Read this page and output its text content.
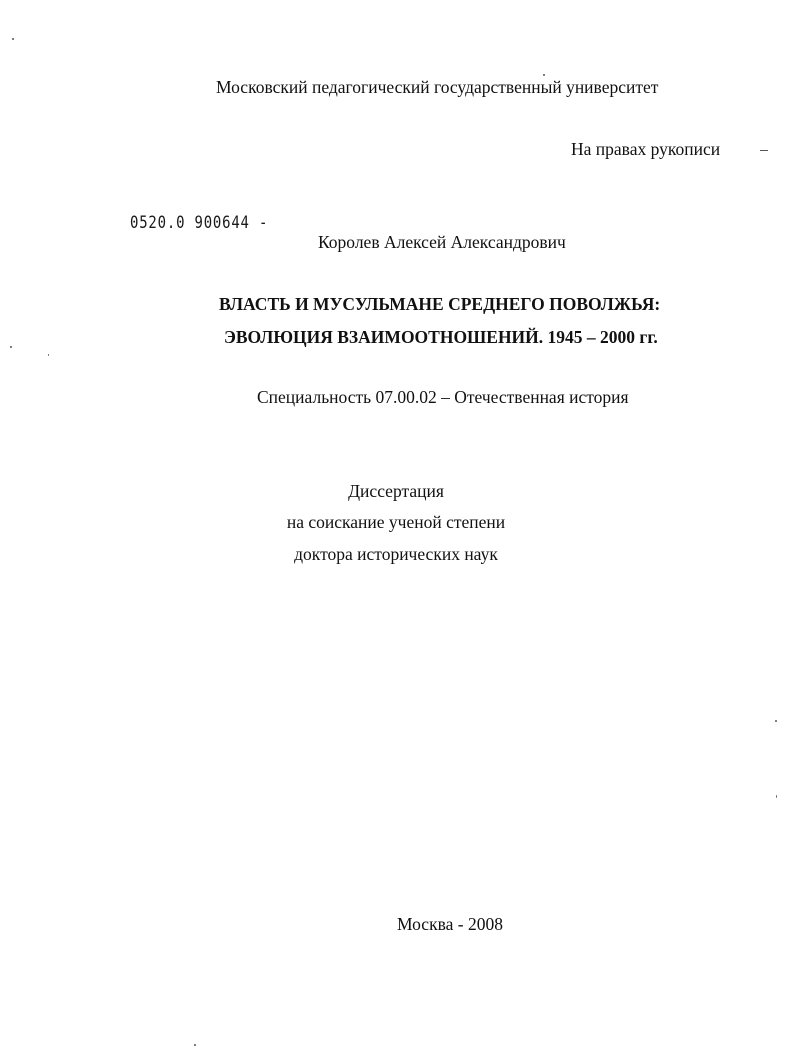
Московский педагогический государственный университет
На правах рукописи
0520.0 900644 -
Королев Алексей Александрович
ВЛАСТЬ И МУСУЛЬМАНЕ СРЕДНЕГО ПОВОЛЖЬЯ:
ЭВОЛЮЦИЯ ВЗАИМООТНОШЕНИЙ. 1945 – 2000 гг.
Специальность 07.00.02 – Отечественная история
Диссертация
на соискание ученой степени
доктора исторических наук
Москва - 2008
